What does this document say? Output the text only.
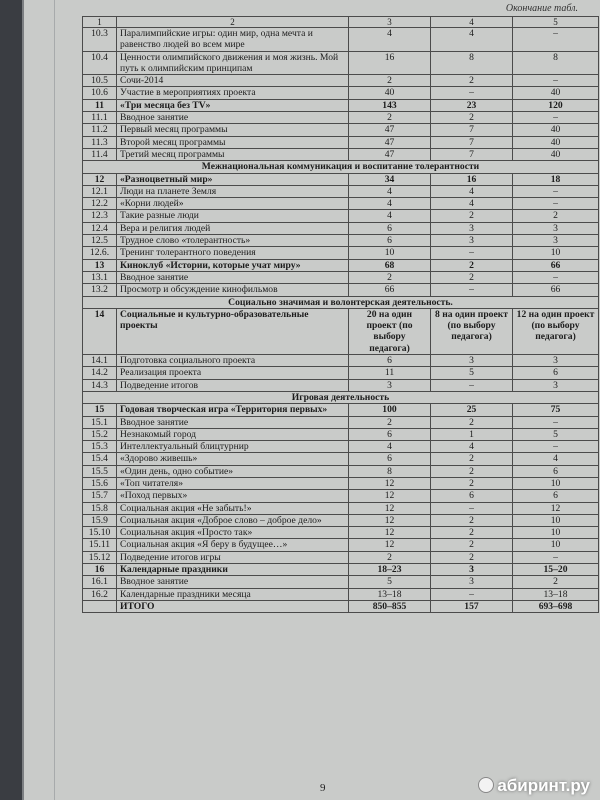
Окончание табл.
1	2	3	4	5
10.3	Паралимпийские игры: один мир, одна мечта и равенство людей во всем мире	4	4	–
10.4	Ценности олимпийского движения и моя жизнь. Мой путь к олимпийским принципам	16	8	8
10.5	Сочи-2014	2	2	–
10.6	Участие в мероприятиях проекта	40	–	40
11	«Три месяца без TV»	143	23	120
11.1	Вводное занятие	2	2	–
11.2	Первый месяц программы	47	7	40
11.3	Второй месяц программы	47	7	40
11.4	Третий месяц программы	47	7	40
Межнациональная коммуникация и воспитание толерантности				
12	«Разноцветный мир»	34	16	18
12.1	Люди на планете Земля	4	4	–
12.2	«Корни людей»	4	4	–
12.3	Такие разные люди	4	2	2
12.4	Вера и религия людей	6	3	3
12.5	Трудное слово «толерантность»	6	3	3
12.6.	Тренинг толерантного поведения	10	–	10
13	Киноклуб «Истории, которые учат миру»	68	2	66
13.1	Вводное занятие	2	2	–
13.2	Просмотр и обсуждение кинофильмов	66	–	66
Социально значимая и волонтерская деятельность.				
14	Социальные и культурно-образовательные проекты	20 на один проект (по выбору педагога)	8 на один проект (по выбору педагога)	12 на один проект (по выбору педагога)
14.1	Подготовка социального проекта	6	3	3
14.2	Реализация проекта	11	5	6
14.3	Подведение итогов	3	–	3
Игровая деятельность				
15	Годовая творческая игра «Территория первых»	100	25	75
15.1	Вводное занятие	2	2	–
15.2	Незнакомый город	6	1	5
15.3	Интеллектуальный блицтурнир	4	4	–
15.4	«Здорово живешь»	6	2	4
15.5	«Один день, одно событие»	8	2	6
15.6	«Топ читателя»	12	2	10
15.7	«Поход первых»	12	6	6
15.8	Социальная акция «Не забыть!»	12	–	12
15.9	Социальная акция «Доброе слово – доброе дело»	12	2	10
15.10	Социальная акция «Просто так»	12	2	10
15.11	Социальная акция «Я беру в будущее…»	12	2	10
15.12	Подведение итогов игры	2	2	–
16	Календарные праздники	18–23	3	15–20
16.1	Вводное занятие	5	3	2
16.2	Календарные праздники месяца	13–18	–	13–18
	ИТОГО	850–855	157	693–698
9	абиринт.ру
